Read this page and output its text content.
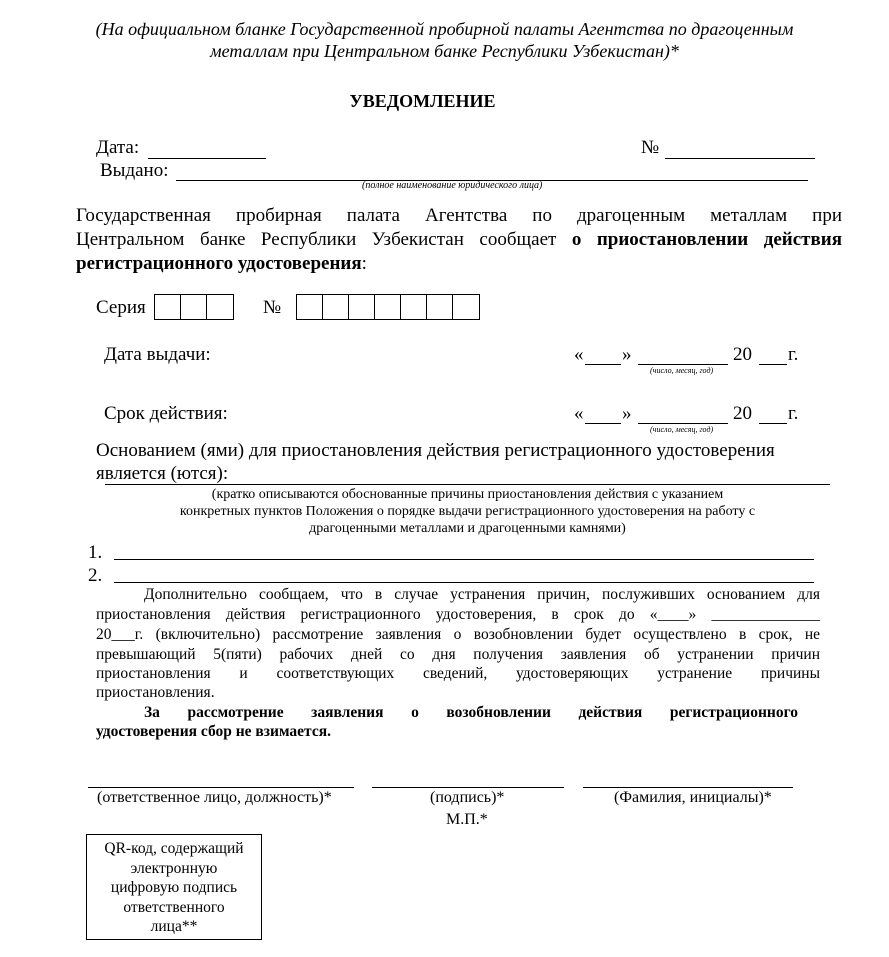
(На официальном бланке Государственной пробирной палаты Агентства по драгоценным
металлам при Центральном банке Республики Узбекистан)*
УВЕДОМЛЕНИЕ
Дата:	№
Выдано:
(полное наименование юридического лица)
Государственная пробирная палата Агентства по драгоценным металлам при
Центральном банке Республики Узбекистан сообщает о приостановлении действия
регистрационного удостоверения:
Серия	№
Дата выдачи:	« »	20 г.
(число, месяц, год)
Срок действия:	« »	20 г.
(число, месяц, год)
Основанием (ями) для приостановления действия регистрационного удостоверения
является (ются):
(кратко описываются обоснованные причины приостановления действия с указанием
конкретных пунктов Положения о порядке выдачи регистрационного удостоверения на работу с
драгоценными металлами и драгоценными камнями)
1.
2.
Дополнительно сообщаем, что в случае устранения причин, послуживших основанием для
приостановления действия регистрационного удостоверения, в срок до «____» ______________
20___г. (включительно) рассмотрение заявления о возобновлении будет осуществлено в срок, не
превышающий 5(пяти) рабочих дней со дня получения заявления об устранении причин
приостановления и соответствующих сведений, удостоверяющих устранение причины
приостановления.
За рассмотрение заявления о возобновлении действия регистрационного
удостоверения сбор не взимается.
(ответственное лицо, должность)*	(подпись)*	(Фамилия, инициалы)*
М.П.*
QR-код, содержащий
электронную
цифровую подпись
ответственного
лица**
